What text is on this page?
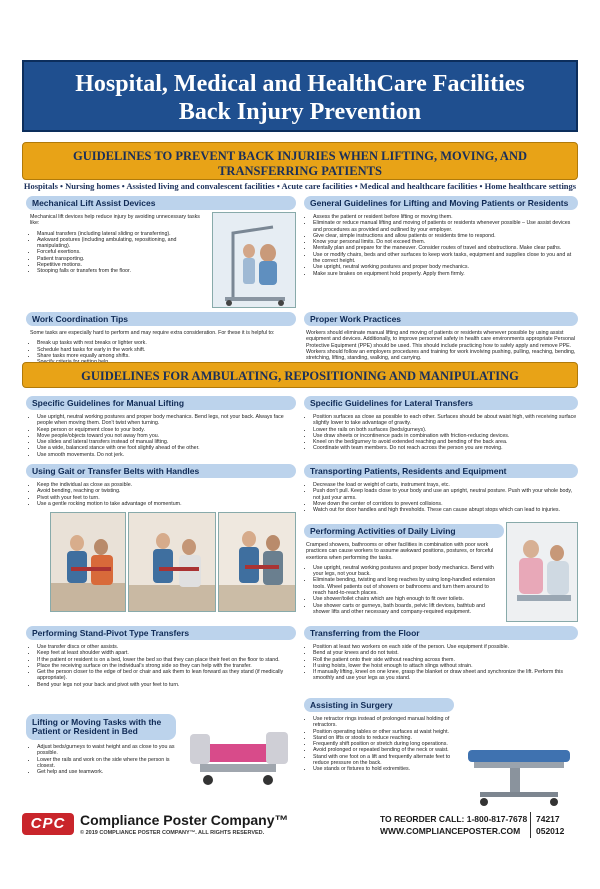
Hospital, Medical and HealthCare Facilities
Back Injury Prevention
GUIDELINES TO PREVENT BACK INJURIES WHEN LIFTING, MOVING, AND TRANSFERRING PATIENTS
Hospitals • Nursing homes • Assisted living and convalescent facilities • Acute care facilities • Medical and healthcare facilities • Home healthcare settings
Mechanical Lift Assist Devices

Mechanical lift devices help reduce injury by avoiding unnecessary tasks like:

• Manual transfers (including lateral sliding or transferring).
• Awkward postures (including ambulating, repositioning, and manipulating).
• Forceful exertions.
• Patient transporting.
• Repetitive motions.
• Stooping falls or transfers from the floor.
General Guidelines for Lifting and Moving Patients or Residents
• Assess the patient or resident before lifting or moving them.
• Eliminate or reduce manual lifting and moving of patients or residents whenever possible – Use assist devices and procedures as provided and outlined by your employer.
• Give clear, simple instructions and allow patients or residents time to respond.
• Know your personal limits. Do not exceed them.
• Mentally plan and prepare for the maneuver. Consider routes of travel and obstructions. Make clear paths.
• Use or modify chairs, beds and other surfaces to keep work tasks, equipment and supplies close to you and at the correct height.
• Use upright, neutral working postures and proper body mechanics.
• Make sure brakes on equipment hold properly. Apply them firmly.
Work Coordination Tips

Some tasks are especially hard to perform and may require extra consideration. For these it is helpful to:

• Break up tasks with rest breaks or lighter work.
• Schedule hard tasks for early in the work shift.
• Share tasks more equally among shifts.
•
Proper Work Practices
Workers should eliminate manual lifting and moving of patients or residents whenever possible by using assist equipment and devices. Additionally, to improve personnel safety in health care environments appropriate Personal Protective Equipment (PPE) should be used. This should include practicing how to safely apply and remove PPE. Workers should follow an employers procedures and training for work involving pushing, pulling, reaching, bending, stretching, lifting, standing, walking, and carrying.
GUIDELINES FOR AMBULATING, REPOSITIONING AND MANIPULATING
Specific Guidelines for Manual Lifting
• Use upright, neutral working postures and proper body mechanics. Bend legs, not your back. Always face people when moving them. Don't twist when turning.
• Keep person or equipment close to your body.
• Move people/objects toward you not away from you.
• Use slides and lateral transfers instead of manual lifting.
• Use a wide, balanced stance with one foot slightly ahead of the other.
• Use smooth movements. Do not jerk.
Specific Guidelines for Lateral Transfers
• Position surfaces as close as possible to each other. Surfaces should be about waist high, with receiving surface slightly lower to take advantage of gravity.
• Lower the rails on both surfaces (beds/gurneys).
• Use draw sheets or incontinence pads in combination with friction-reducing devices.
• Kneel on the bed/gurney to avoid extended reaching and bending of the back area.
• Coordinate with team members. Do not reach across the person you are moving.
Using Gait or Transfer Belts with Handles
• Keep the individual as close as possible.
• Avoid bending, reaching or twisting.
• Pivot with your feet to turn.
• Use a gentle rocking motion to take advantage of momentum.
Transporting Patients, Residents and Equipment
• Decrease the load or weight of carts, instrument trays, etc.
• Push don't pull. Keep loads close to your body and use an upright, neutral posture. Push with your whole body, not just your arms.
• Move down the center of corridors to prevent collisions.
• Watch out for door handles and high thresholds. These can cause abrupt stops which can lead to injuries.
Performing Activities of Daily Living

Cramped showers, bathrooms or other facilities in combination with poor work practices can cause workers to assume awkward positions, postures, or forceful exertions when performing the tasks.

• Use upright, neutral working postures and proper body mechanics. Bend with your legs, not your back.
• Eliminate bending, twisting and long reaches by using long-handled extension tools. Wheel patients out of showers or bathrooms and turn them around to reach hard-to-reach places.
• Use shower/toilet chairs which are high enough to fit over toilets.
• Use shower carts or gurneys, bath boards, pelvic lift devices, bathtub and shower lifts and other necessary and company-required equipment.
Performing Stand-Pivot Type Transfers
• Use transfer discs or other assists.
• Keep feet at least shoulder width apart.
• If the patient or resident is on a bed, lower the bed so that they can place their feet on the floor to stand.
• Place the receiving surface on the individual's strong side so they can help with the transfer.
• Get the person closer to the edge of bed or chair and ask them to lean forward as they stand (if medically appropriate).
• Bend your legs not your back and pivot with your feet to turn.
Transferring from the Floor
• Position at least two workers on each side of the person. Use equipment if possible.
• Bend at your knees and do not twist.
• Roll the patient onto their side without reaching across them.
• If using hoists, lower the hoist enough to attach slings without strain.
• If manually lifting, kneel on one knee, grasp the blanket or draw sheet and synchronize the lift. Perform this smoothly and use your legs as you stand.
Lifting or Moving Tasks with the
Patient or Resident in Bed
• Adjust beds/gurneys to waist height and as close to you as possible.
• Lower the rails and work on the side where the person is closest.
• Get help and use teamwork.
Assisting in Surgery
• Use retractor rings instead of prolonged manual holding of retractors.
• Position operating tables or other surfaces at waist height.
• Stand on lifts or stools to reduce reaching.
• Frequently shift position or stretch during long operations.
• Avoid prolonged or repeated bending of the neck or waist.
• Stand with one foot on a lift and frequently alternate feet to reduce pressure on the back.
• Use stands or fixtures to hold extremities.
CPC	Compliance Poster Company™
© 2019 COMPLIANCE POSTER COMPANY™. ALL RIGHTS RESERVED.
TO REORDER CALL: 1-800-817-7678
WWW.COMPLIANCEPOSTER.COM
74217
052012
